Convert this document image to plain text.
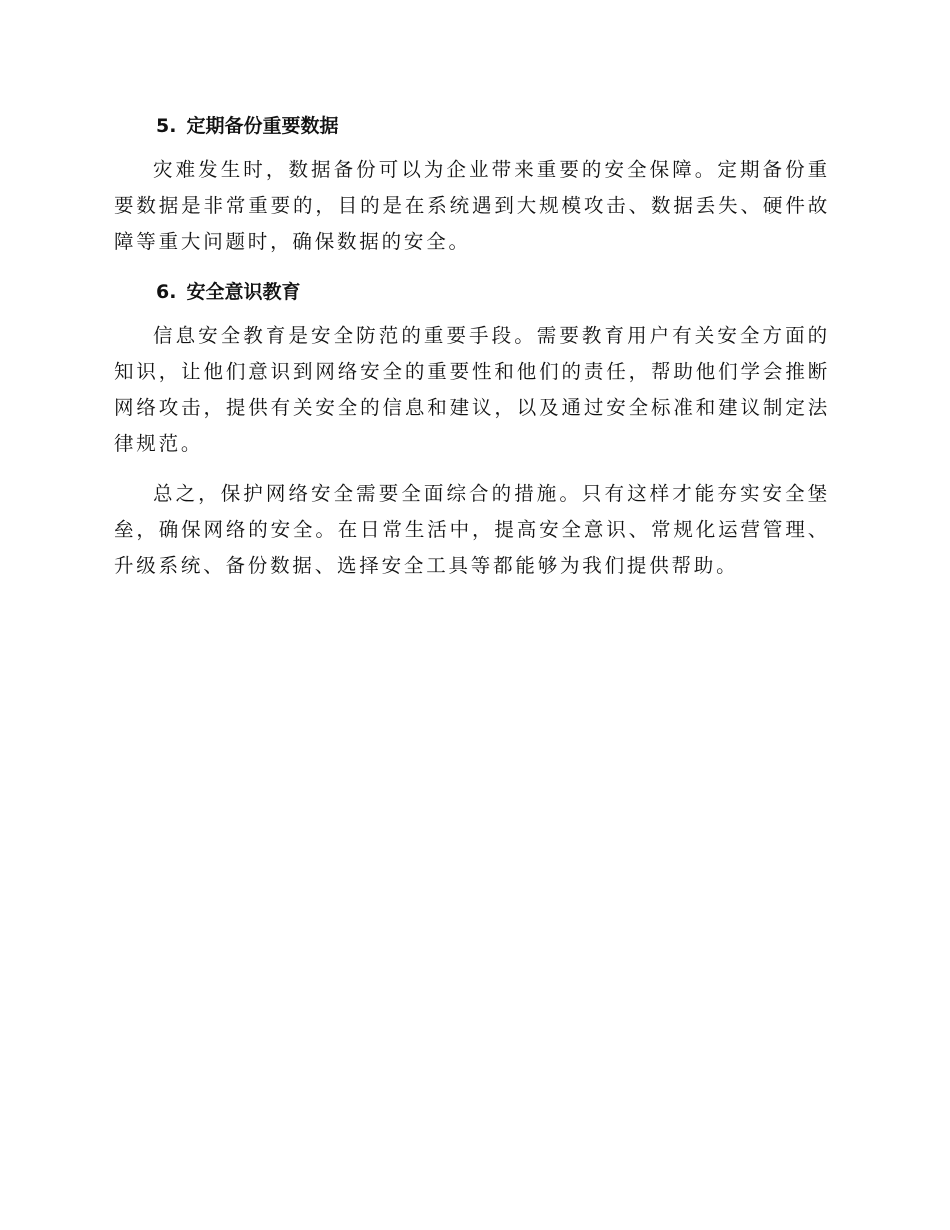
5. 定期备份重要数据

灾难发生时，数据备份可以为企业带来重要的安全保障。定期备份重要数据是非常重要的，目的是在系统遇到大规模攻击、数据丢失、硬件故障等重大问题时，确保数据的安全。

6. 安全意识教育

信息安全教育是安全防范的重要手段。需要教育用户有关安全方面的知识，让他们意识到网络安全的重要性和他们的责任，帮助他们学会推断网络攻击，提供有关安全的信息和建议，以及通过安全标准和建议制定法律规范。

总之，保护网络安全需要全面综合的措施。只有这样才能夯实安全堡垒，确保网络的安全。在日常生活中，提高安全意识、常规化运营管理、升级系统、备份数据、选择安全工具等都能够为我们提供帮助。
